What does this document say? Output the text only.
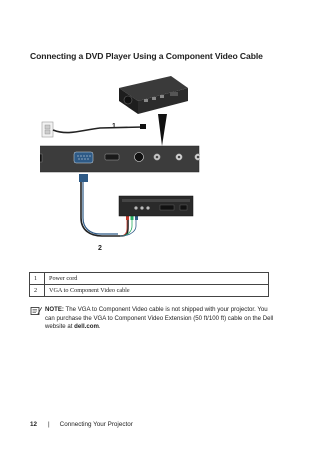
Connecting a DVD Player Using a Component Video Cable
1
2
1	Power cord
2	VGA to Component Video cable
NOTE: The VGA to Component Video cable is not shipped with your projector. You can purchase the VGA to Component Video Extension (50 ft/100 ft) cable on the Dell website at dell.com.
12 | Connecting Your Projector
